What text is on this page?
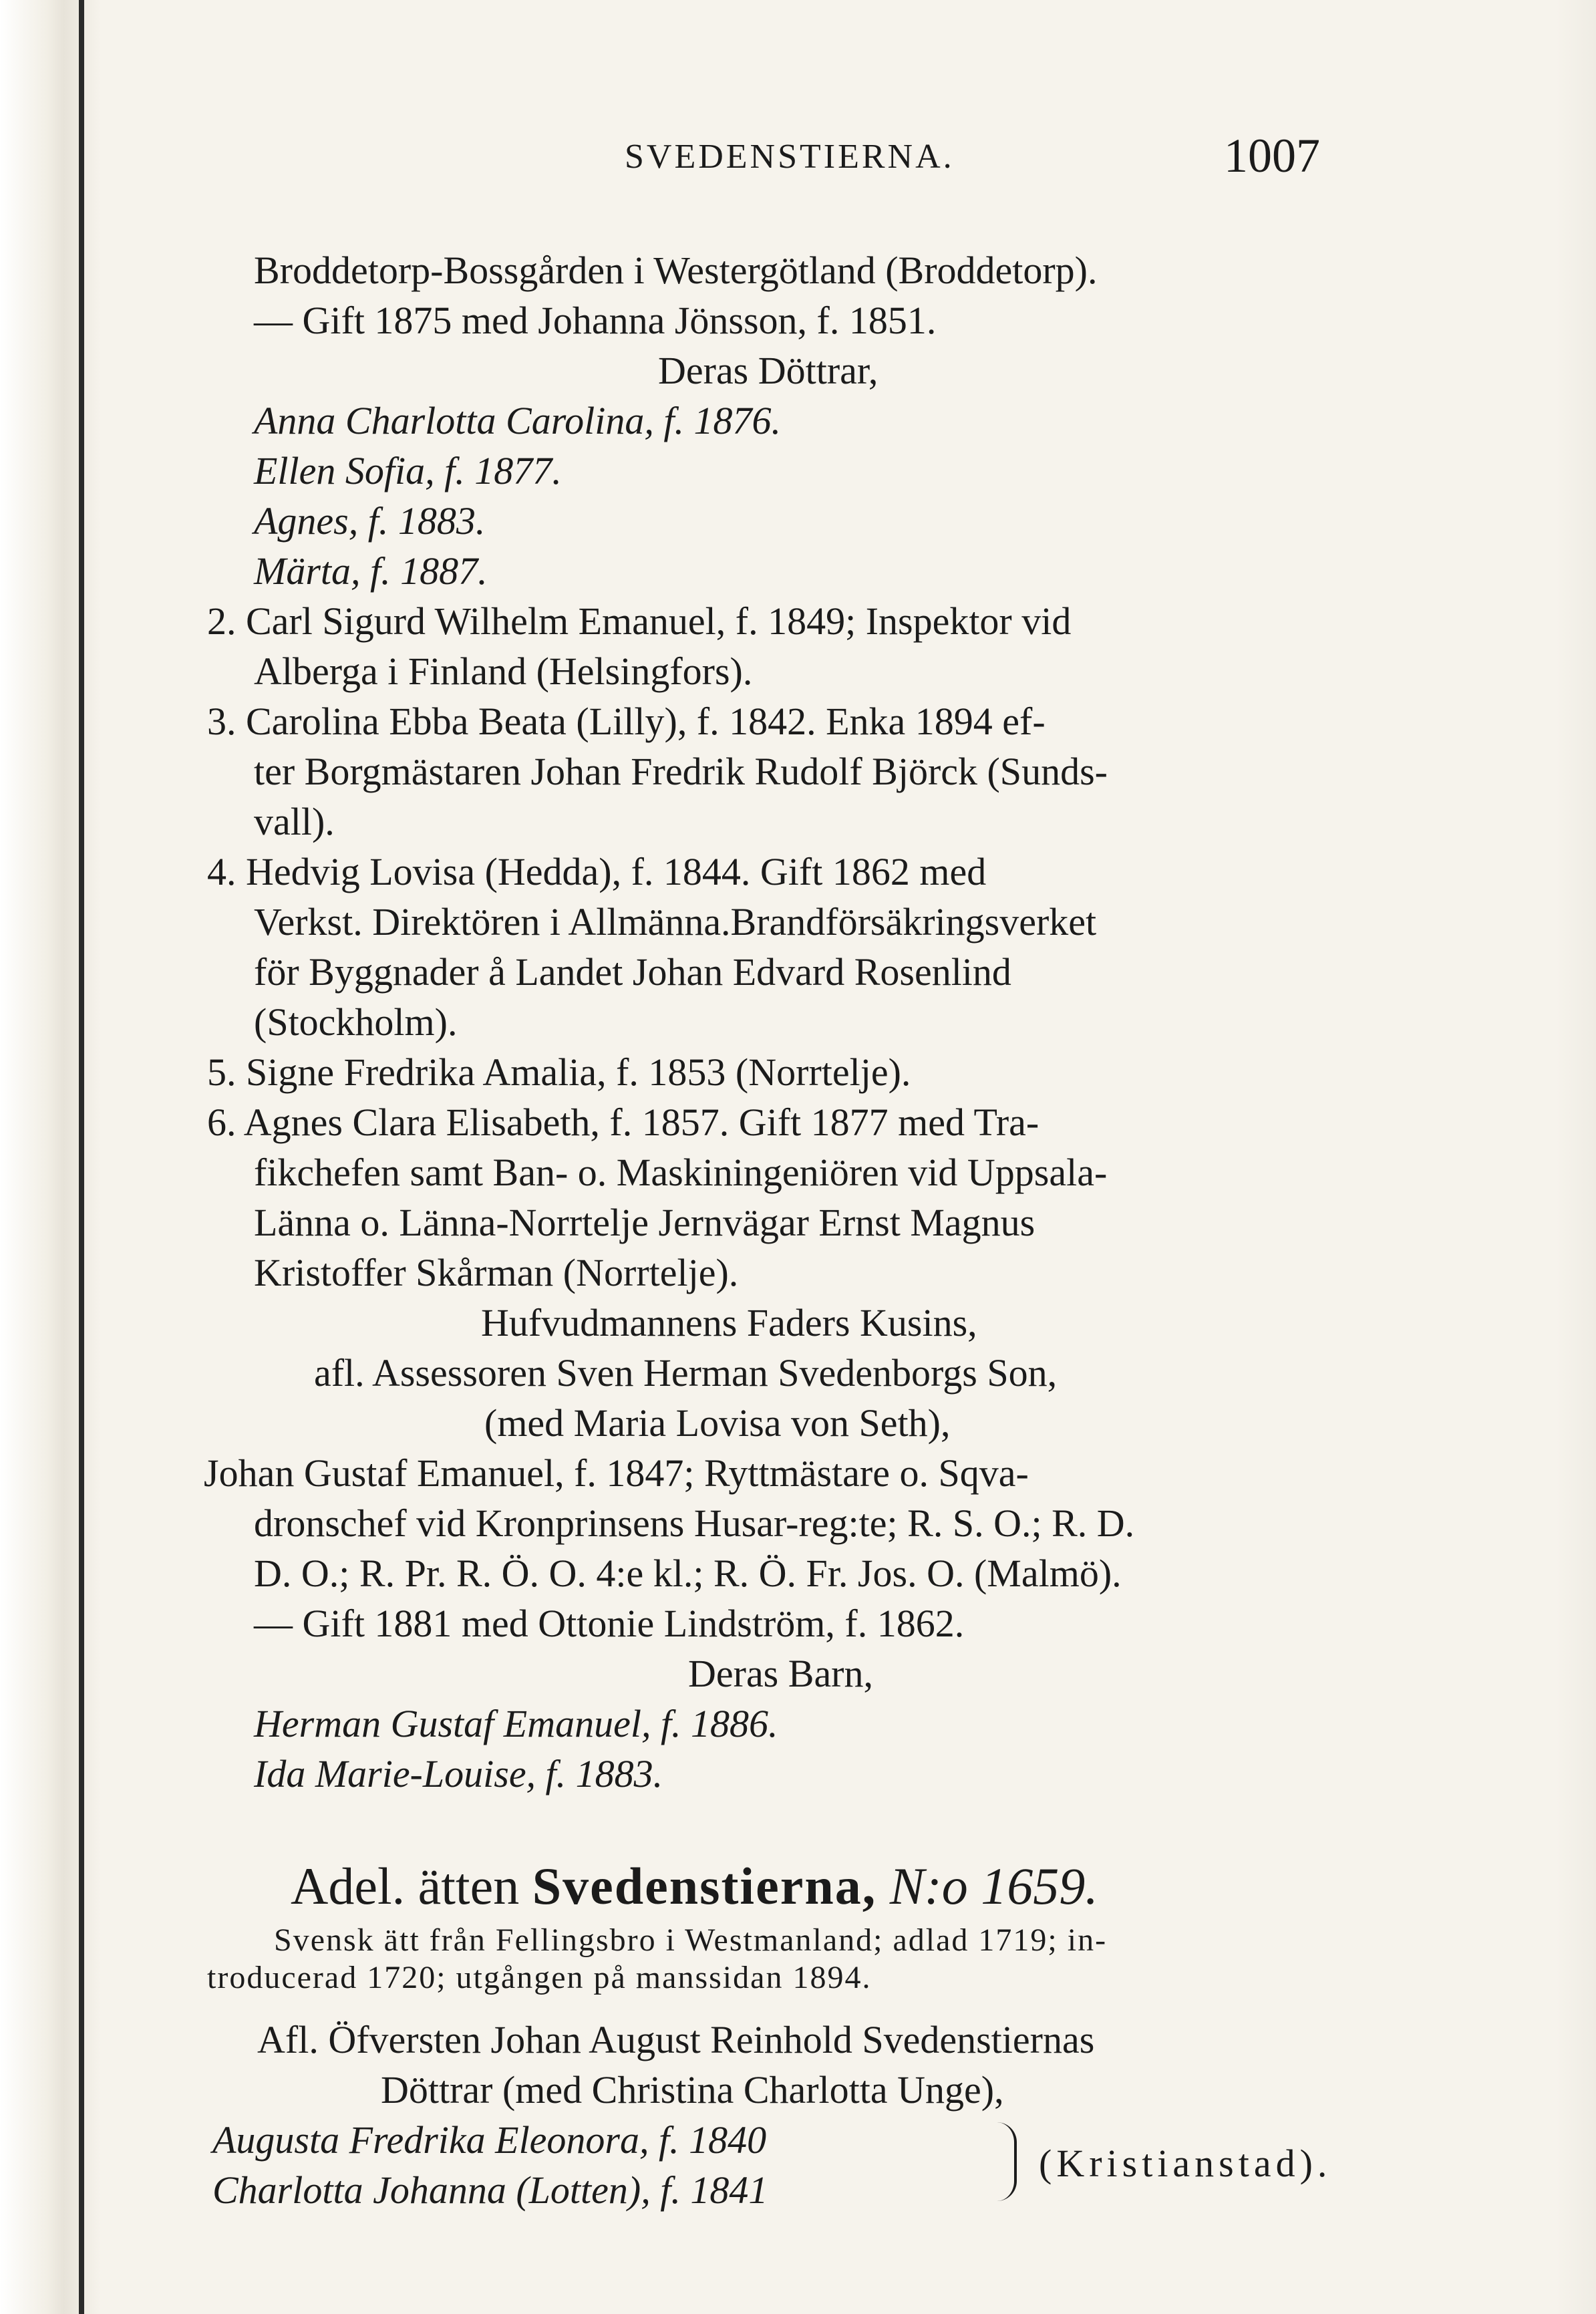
SVEDENSTIERNA.	1007
Broddetorp-Bossgården i Westergötland (Broddetorp).
— Gift 1875 med Johanna Jönsson, f. 1851.
Deras Döttrar,
Anna Charlotta Carolina, f. 1876.
Ellen Sofia, f. 1877.
Agnes, f. 1883.
Märta, f. 1887.
2. Carl Sigurd Wilhelm Emanuel, f. 1849; Inspektor vid
Alberga i Finland (Helsingfors).
3. Carolina Ebba Beata (Lilly), f. 1842. Enka 1894 ef-
ter Borgmästaren Johan Fredrik Rudolf Björck (Sunds-
vall).
4. Hedvig Lovisa (Hedda), f. 1844. Gift 1862 med
Verkst. Direktören i Allmänna.Brandförsäkringsverket
för Byggnader å Landet Johan Edvard Rosenlind
(Stockholm).
5. Signe Fredrika Amalia, f. 1853 (Norrtelje).
6. Agnes Clara Elisabeth, f. 1857. Gift 1877 med Tra-
fikchefen samt Ban- o. Maskiningeniören vid Uppsala-
Länna o. Länna-Norrtelje Jernvägar Ernst Magnus
Kristoffer Skårman (Norrtelje).
Hufvudmannens Faders Kusins,
afl. Assessoren Sven Herman Svedenborgs Son,
(med Maria Lovisa von Seth),
Johan Gustaf Emanuel, f. 1847; Ryttmästare o. Sqva-
dronschef vid Kronprinsens Husar-reg:te; R. S. O.; R. D.
D. O.; R. Pr. R. Ö. O. 4:e kl.; R. Ö. Fr. Jos. O. (Malmö).
— Gift 1881 med Ottonie Lindström, f. 1862.
Deras Barn,
Herman Gustaf Emanuel, f. 1886.
Ida Marie-Louise, f. 1883.
Adel. ätten Svedenstierna, N:o 1659.
Svensk ätt från Fellingsbro i Westmanland; adlad 1719; in-
troducerad 1720; utgången på manssidan 1894.
Afl. Öfversten Johan August Reinhold Svedenstiernas
Döttrar (med Christina Charlotta Unge),
Augusta Fredrika Eleonora, f. 1840
Charlotta Johanna (Lotten), f. 1841
(Kristianstad).
